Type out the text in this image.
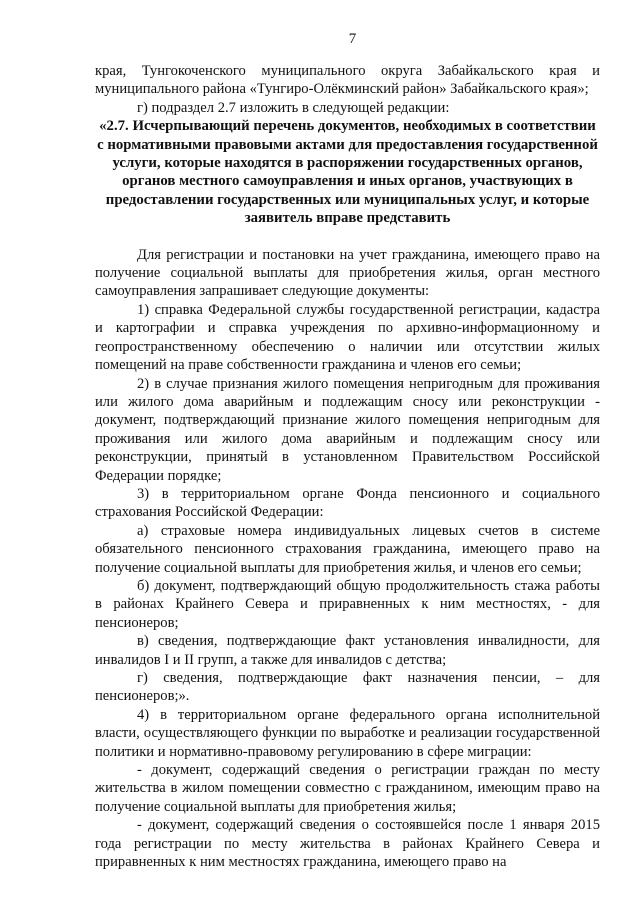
7

края, Тунгокоченского муниципального округа Забайкальского края и муниципального района «Тунгиро-Олёкминский район» Забайкальского края»;

г) подраздел 2.7 изложить в следующей редакции:

«2.7. Исчерпывающий перечень документов, необходимых в соответствии с нормативными правовыми актами для предоставления государственной услуги, которые находятся в распоряжении государственных органов, органов местного самоуправления и иных органов, участвующих в предоставлении государственных или муниципальных услуг, и которые заявитель вправе представить

Для регистрации и постановки на учет гражданина, имеющего право на получение социальной выплаты для приобретения жилья, орган местного самоуправления запрашивает следующие документы:

1) справка Федеральной службы государственной регистрации, кадастра и картографии и справка учреждения по архивно-информационному и геопространственному обеспечению о наличии или отсутствии жилых помещений на праве собственности гражданина и членов его семьи;

2) в случае признания жилого помещения непригодным для проживания или жилого дома аварийным и подлежащим сносу или реконструкции - документ, подтверждающий признание жилого помещения непригодным для проживания или жилого дома аварийным и подлежащим сносу или реконструкции, принятый в установленном Правительством Российской Федерации порядке;

3) в территориальном органе Фонда пенсионного и социального страхования Российской Федерации:

а) страховые номера индивидуальных лицевых счетов в системе обязательного пенсионного страхования гражданина, имеющего право на получение социальной выплаты для приобретения жилья, и членов его семьи;

б) документ, подтверждающий общую продолжительность стажа работы в районах Крайнего Севера и приравненных к ним местностях, - для пенсионеров;

в) сведения, подтверждающие факт установления инвалидности, для инвалидов I и II групп, а также для инвалидов с детства;

г) сведения, подтверждающие факт назначения пенсии, – для пенсионеров;».

4) в территориальном органе федерального органа исполнительной власти, осуществляющего функции по выработке и реализации государственной политики и нормативно-правовому регулированию в сфере миграции:

- документ, содержащий сведения о регистрации граждан по месту жительства в жилом помещении совместно с гражданином, имеющим право на получение социальной выплаты для приобретения жилья;

- документ, содержащий сведения о состоявшейся после 1 января 2015 года регистрации по месту жительства в районах Крайнего Севера и приравненных к ним местностях гражданина, имеющего право на
